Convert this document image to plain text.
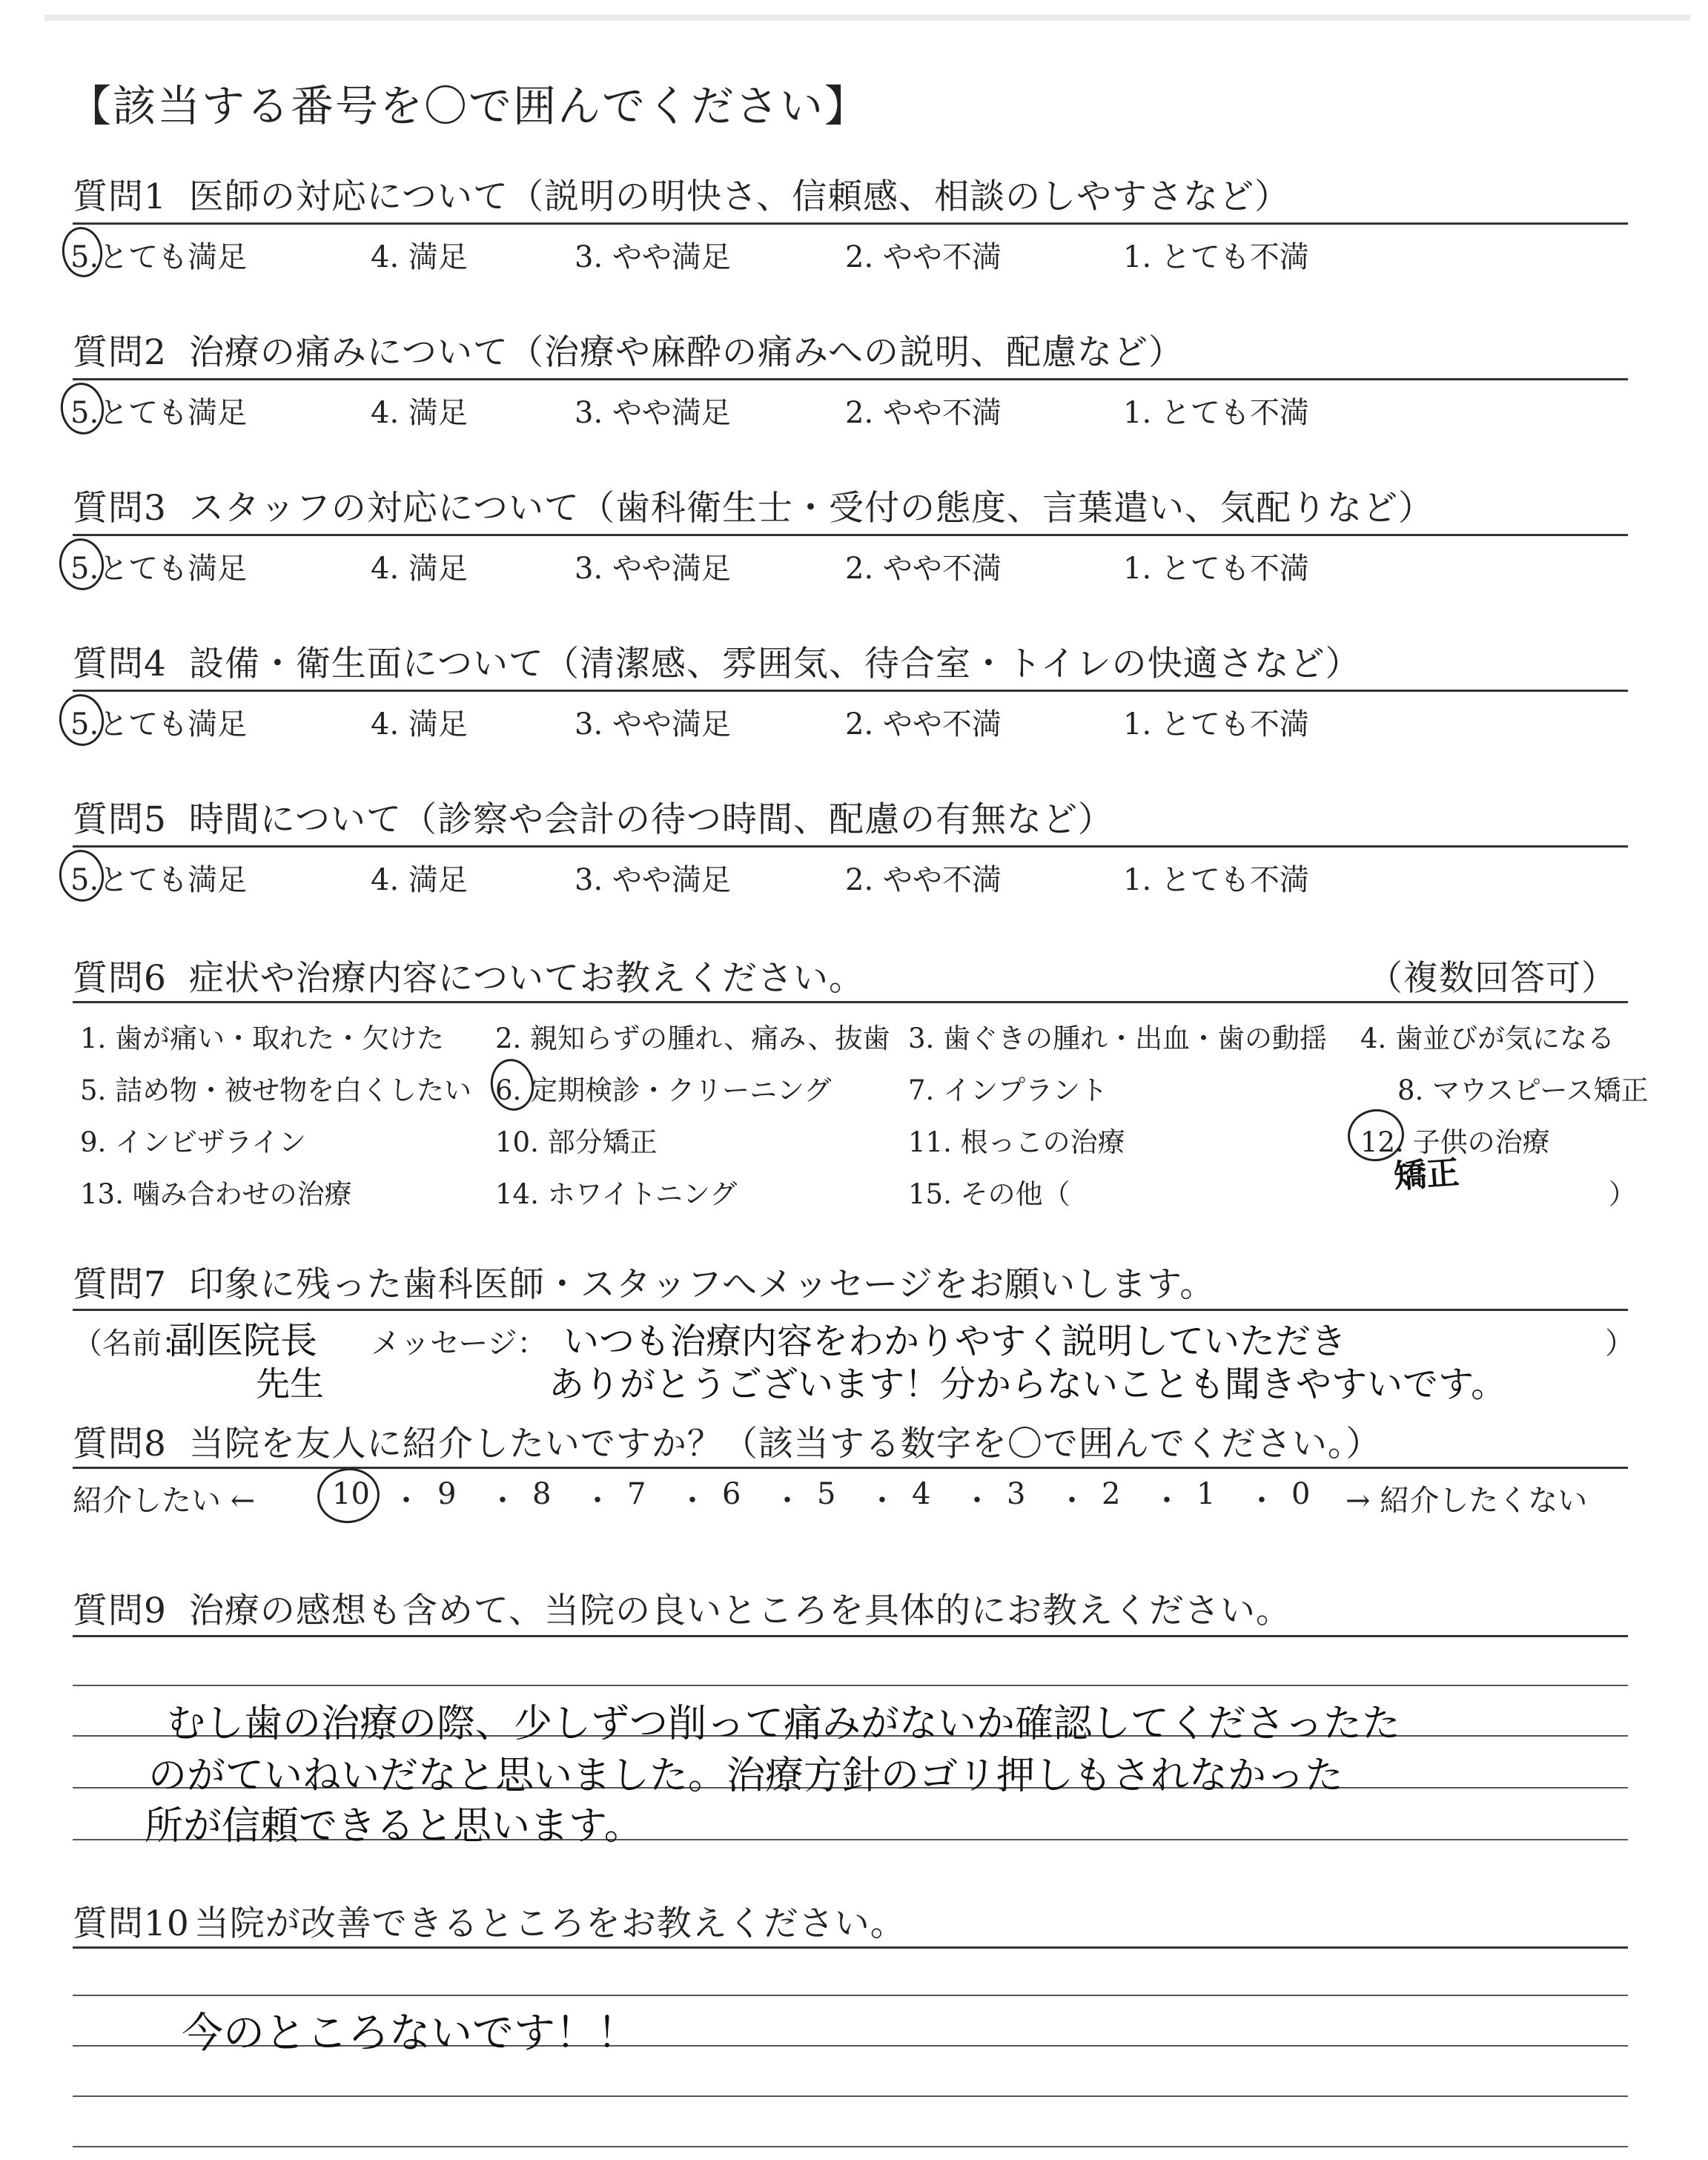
【該当する番号を〇で囲んでください】
質問1 医師の対応について（説明の明快さ、信頼感、相談のしやすさなど）
5.とても満足	4. 満足	3. やや満足	2. やや不満	1. とても不満
質問2 治療の痛みについて（治療や麻酔の痛みへの説明、配慮など）
5.とても満足	4. 満足	3. やや満足	2. やや不満	1. とても不満
質問3 スタッフの対応について（歯科衛生士・受付の態度、言葉遣い、気配りなど）
5.とても満足	4. 満足	3. やや満足	2. やや不満	1. とても不満
質問4 設備・衛生面について（清潔感、雰囲気、待合室・トイレの快適さなど）
5.とても満足	4. 満足	3. やや満足	2. やや不満	1. とても不満
質問5 時間について（診察や会計の待つ時間、配慮の有無など）
5.とても満足	4. 満足	3. やや満足	2. やや不満	1. とても不満
質問6 症状や治療内容についてお教えください。	（複数回答可）
1. 歯が痛い・取れた・欠けた 2. 親知らずの腫れ、痛み、抜歯 3. 歯ぐきの腫れ・出血・歯の動揺 4. 歯並びが気になる
5. 詰め物・被せ物を白くしたい 6. 定期検診・クリーニング	7. インプラント	8. マウスピース矯正
9. インビザライン	10. 部分矯正	11. 根っこの治療	12. 子供の治療
13. 噛み合わせの治療	14. ホワイトニング	15. その他（	）
矯正
質問7 印象に残った歯科医師・スタッフへメッセージをお願いします。
（名前：	メッセージ：	）
副医院長
先生
いつも治療内容をわかりやすく説明していただき
ありがとうございます！分からないことも聞きやすいです。
質問8 当院を友人に紹介したいですか？（該当する数字を〇で囲んでください。）
紹介したい ←	10 ・ 9 ・ 8 ・ 7 ・ 6 ・ 5 ・ 4 ・ 3 ・ 2 ・ 1 ・ 0 → 紹介したくない
質問9 治療の感想も含めて、当院の良いところを具体的にお教えください。
むし歯の治療の際、少しずつ削って痛みがないか確認してくださったた
のがていねいだなと思いました。治療方針のゴリ押しもされなかった
所が信頼できると思います。
質問10 当院が改善できるところをお教えください。
今のところないです！！
